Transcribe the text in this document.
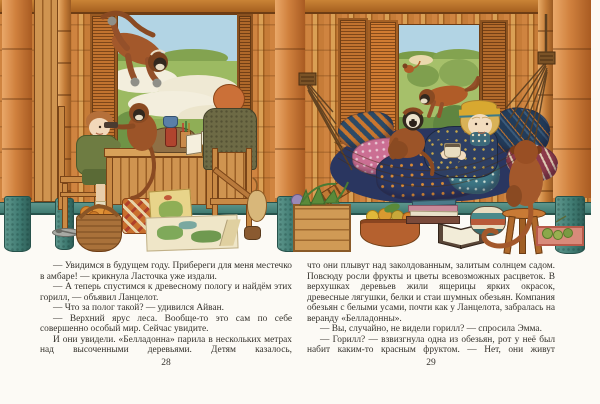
— Увидимся в будущем году. Прибереги для меня местечко в амбаре! — крикнула Ласточка уже издали.

— А теперь спустимся к древесному пологу и найдём этих горилл, — объявил Ланцелот.

— Что за полог такой? — удивился Айван.

— Верхний ярус леса. Вообще-то это сам по себе совершенно особый мир. Сейчас увидите.

И они увидели. «Белладонна» парила в нескольких метрах над высоченными деревьями. Детям казалось,

28

что они плывут над заколдованным, залитым солнцем садом. Повсюду росли фрукты и цветы всевозможных расцветок. В верхушках деревьев жили ящерицы ярких окрасок, древесные лягушки, белки и стаи шумных обезьян. Компания обезьян с белыми усами, почти как у Ланцелота, забралась на веранду «Белладонны».

— Вы, случайно, не видели горилл? — спросила Эмма.

— Горилл? — взвизгнула одна из обезьян, рот у неё был набит каким-то красным фруктом. — Нет, они живут

29
